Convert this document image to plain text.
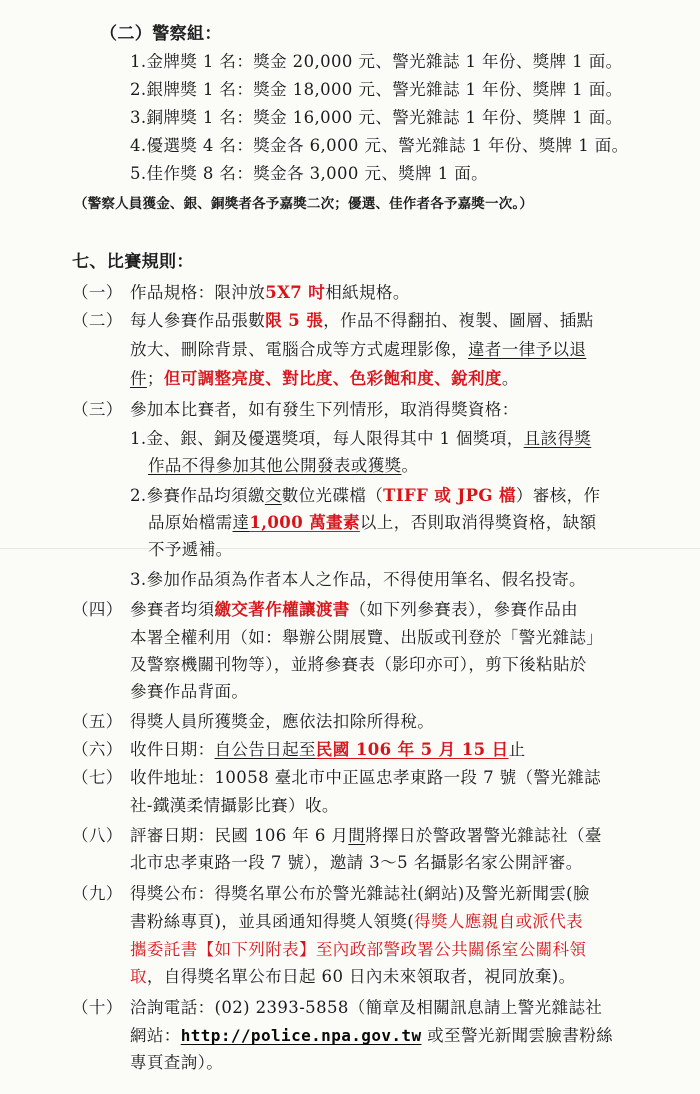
（二）警察組：
1.金牌獎 1 名：獎金 20,000 元、警光雜誌 1 年份、獎牌 1 面。
2.銀牌獎 1 名：獎金 18,000 元、警光雜誌 1 年份、獎牌 1 面。
3.銅牌獎 1 名：獎金 16,000 元、警光雜誌 1 年份、獎牌 1 面。
4.優選獎 4 名：獎金各 6,000 元、警光雜誌 1 年份、獎牌 1 面。
5.佳作獎 8 名：獎金各 3,000 元、獎牌 1 面。
（警察人員獲金、銀、銅獎者各予嘉獎二次；優選、佳作者各予嘉獎一次。）
七、比賽規則：
（一） 作品規格：限沖放5X7 吋相紙規格。
（二） 每人參賽作品張數限 5 張，作品不得翻拍、複製、圖層、插點
放大、刪除背景、電腦合成等方式處理影像，違者一律予以退
件；但可調整亮度、對比度、色彩飽和度、銳利度。
（三） 參加本比賽者，如有發生下列情形，取消得獎資格：
1.金、銀、銅及優選獎項，每人限得其中 1 個獎項，且該得獎
作品不得參加其他公開發表或獲獎。
2.參賽作品均須繳交數位光碟檔（TIFF 或 JPG 檔）審核，作
品原始檔需達1,000 萬畫素以上，否則取消得獎資格，缺額
不予遞補。
3.參加作品須為作者本人之作品，不得使用筆名、假名投寄。
（四） 參賽者均須繳交著作權讓渡書（如下列參賽表），參賽作品由
本署全權利用（如：舉辦公開展覽、出版或刊登於「警光雜誌」
及警察機關刊物等），並將參賽表（影印亦可），剪下後粘貼於
參賽作品背面。
（五） 得獎人員所獲獎金，應依法扣除所得稅。
（六） 收件日期：自公告日起至民國 106 年 5 月 15 日止
（七） 收件地址：10058 臺北市中正區忠孝東路一段 7 號（警光雜誌
社-鐵漢柔情攝影比賽）收。
（八） 評審日期：民國 106 年 6 月間將擇日於警政署警光雜誌社（臺
北市忠孝東路一段 7 號），邀請 3～5 名攝影名家公開評審。
（九） 得獎公布：得獎名單公布於警光雜誌社(網站)及警光新聞雲(臉
書粉絲專頁)，並具函通知得獎人領獎(得獎人應親自或派代表
攜委託書【如下列附表】至內政部警政署公共關係室公關科領
取，自得獎名單公布日起 60 日內未來領取者，視同放棄)。
（十） 洽詢電話：(02) 2393-5858（簡章及相關訊息請上警光雜誌社
網站：http://police.npa.gov.tw 或至警光新聞雲臉書粉絲
專頁查詢）。
